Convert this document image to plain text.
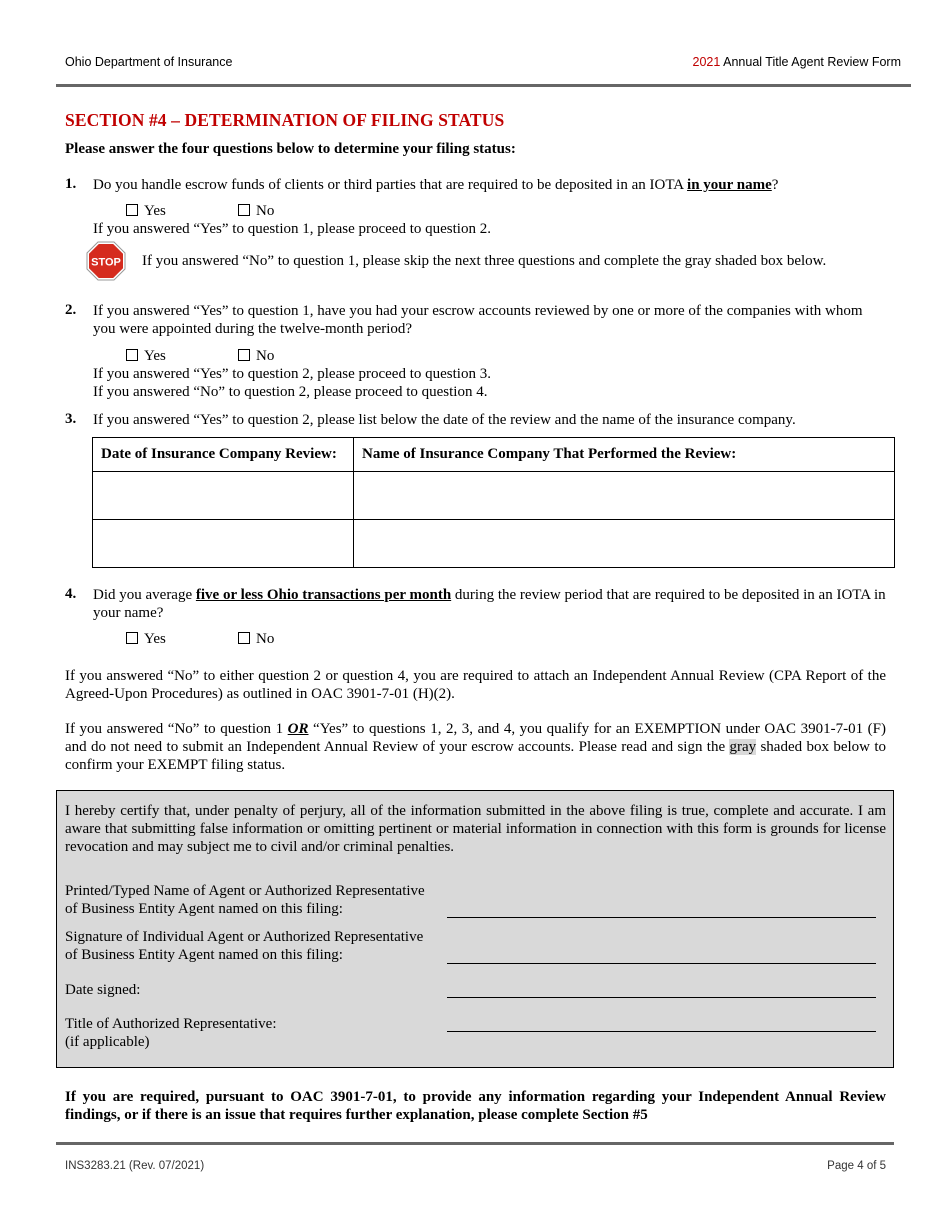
Ohio Department of Insurance	2021 Annual Title Agent Review Form
SECTION #4 – DETERMINATION OF FILING STATUS
Please answer the four questions below to determine your filing status:
1. Do you handle escrow funds of clients or third parties that are required to be deposited in an IOTA in your name?
Yes	No
If you answered “Yes” to question 1, please proceed to question 2.
STOP If you answered “No” to question 1, please skip the next three questions and complete the gray shaded box below.
2. If you answered “Yes” to question 1, have you had your escrow accounts reviewed by one or more of the companies with whom you were appointed during the twelve-month period?
Yes	No
If you answered “Yes” to question 2, please proceed to question 3.
If you answered “No” to question 2, please proceed to question 4.
3. If you answered “Yes” to question 2, please list below the date of the review and the name of the insurance company.
Date of Insurance Company Review:	Name of Insurance Company That Performed the Review:

4. Did you average five or less Ohio transactions per month during the review period that are required to be deposited in an IOTA in your name?
Yes	No
If you answered “No” to either question 2 or question 4, you are required to attach an Independent Annual Review (CPA Report of the Agreed-Upon Procedures) as outlined in OAC 3901-7-01 (H)(2).
If you answered “No” to question 1 OR “Yes” to questions 1, 2, 3, and 4, you qualify for an EXEMPTION under OAC 3901-7-01 (F) and do not need to submit an Independent Annual Review of your escrow accounts. Please read and sign the gray shaded box below to confirm your EXEMPT filing status.
I hereby certify that, under penalty of perjury, all of the information submitted in the above filing is true, complete and accurate. I am aware that submitting false information or omitting pertinent or material information in connection with this form is grounds for license revocation and may subject me to civil and/or criminal penalties.
Printed/Typed Name of Agent or Authorized Representative
of Business Entity Agent named on this filing:
Signature of Individual Agent or Authorized Representative
of Business Entity Agent named on this filing:
Date signed:
Title of Authorized Representative:
(if applicable)
If you are required, pursuant to OAC 3901-7-01, to provide any information regarding your Independent Annual Review findings, or if there is an issue that requires further explanation, please complete Section #5
INS3283.21 (Rev. 07/2021)	Page 4 of 5
